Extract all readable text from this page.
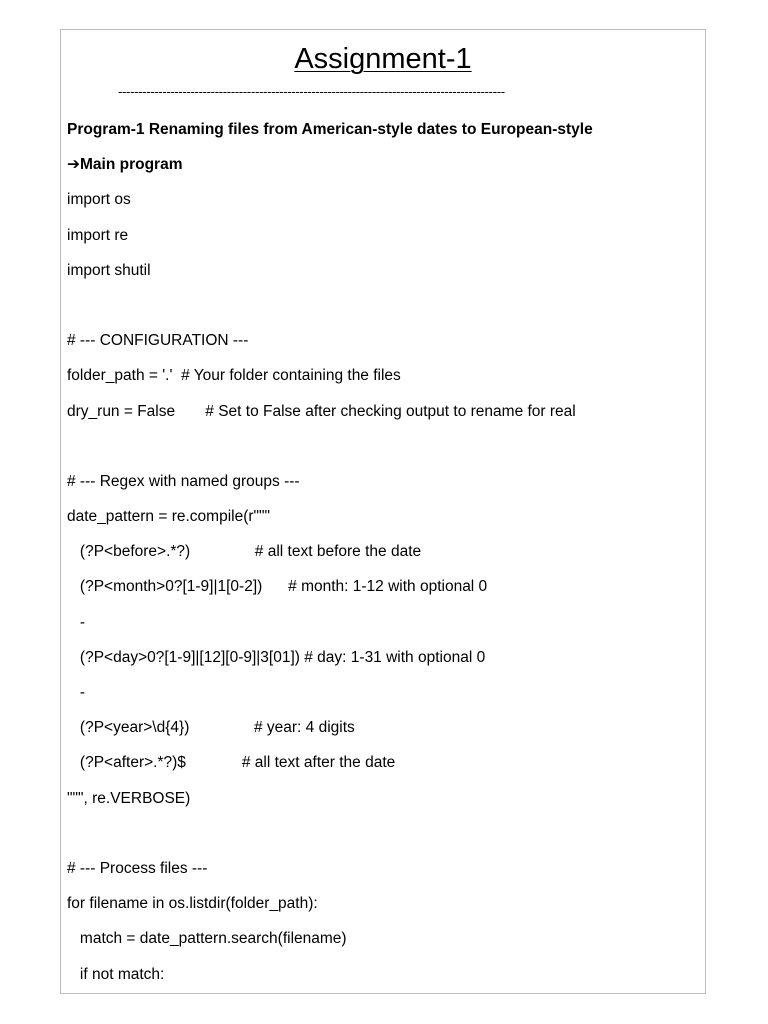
Assignment-1
------------------------------------------------------------------------------------------------
Program-1 Renaming files from American-style dates to European-style
➔Main program
import os
import re
import shutil
# --- CONFIGURATION ---
folder_path = '.'  # Your folder containing the files
dry_run = False       # Set to False after checking output to rename for real
# --- Regex with named groups ---
date_pattern = re.compile(r"""
(?P<before>.*?)               # all text before the date
(?P<month>0?[1-9]|1[0-2])      # month: 1-12 with optional 0
-
(?P<day>0?[1-9]|[12][0-9]|3[01]) # day: 1-31 with optional 0
-
(?P<year>\d{4})               # year: 4 digits
(?P<after>.*?)$             # all text after the date
""", re.VERBOSE)
# --- Process files ---
for filename in os.listdir(folder_path):
match = date_pattern.search(filename)
if not match:
